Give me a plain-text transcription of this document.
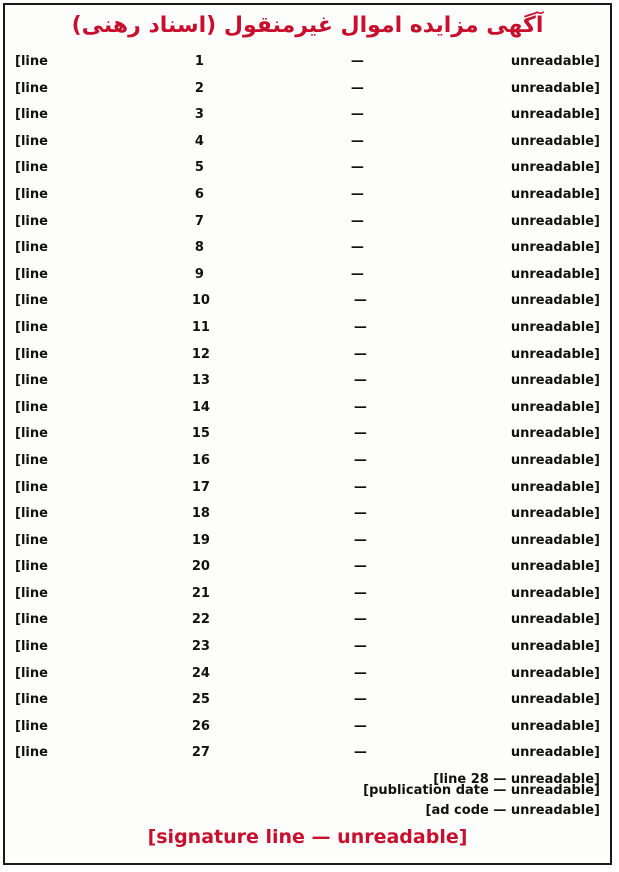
آگهی مزایده اموال غیرمنقول (اسناد رهنی)
[line 1 — unreadable]
[line 2 — unreadable]
[line 3 — unreadable]
[line 4 — unreadable]
[line 5 — unreadable]
[line 6 — unreadable]
[line 7 — unreadable]
[line 8 — unreadable]
[line 9 — unreadable]
[line 10 — unreadable]
[line 11 — unreadable]
[line 12 — unreadable]
[line 13 — unreadable]
[line 14 — unreadable]
[line 15 — unreadable]
[line 16 — unreadable]
[line 17 — unreadable]
[line 18 — unreadable]
[line 19 — unreadable]
[line 20 — unreadable]
[line 21 — unreadable]
[line 22 — unreadable]
[line 23 — unreadable]
[line 24 — unreadable]
[line 25 — unreadable]
[line 26 — unreadable]
[line 27 — unreadable]
[line 28 — unreadable]
[publication date — unreadable]
[ad code — unreadable]
[signature line — unreadable]
